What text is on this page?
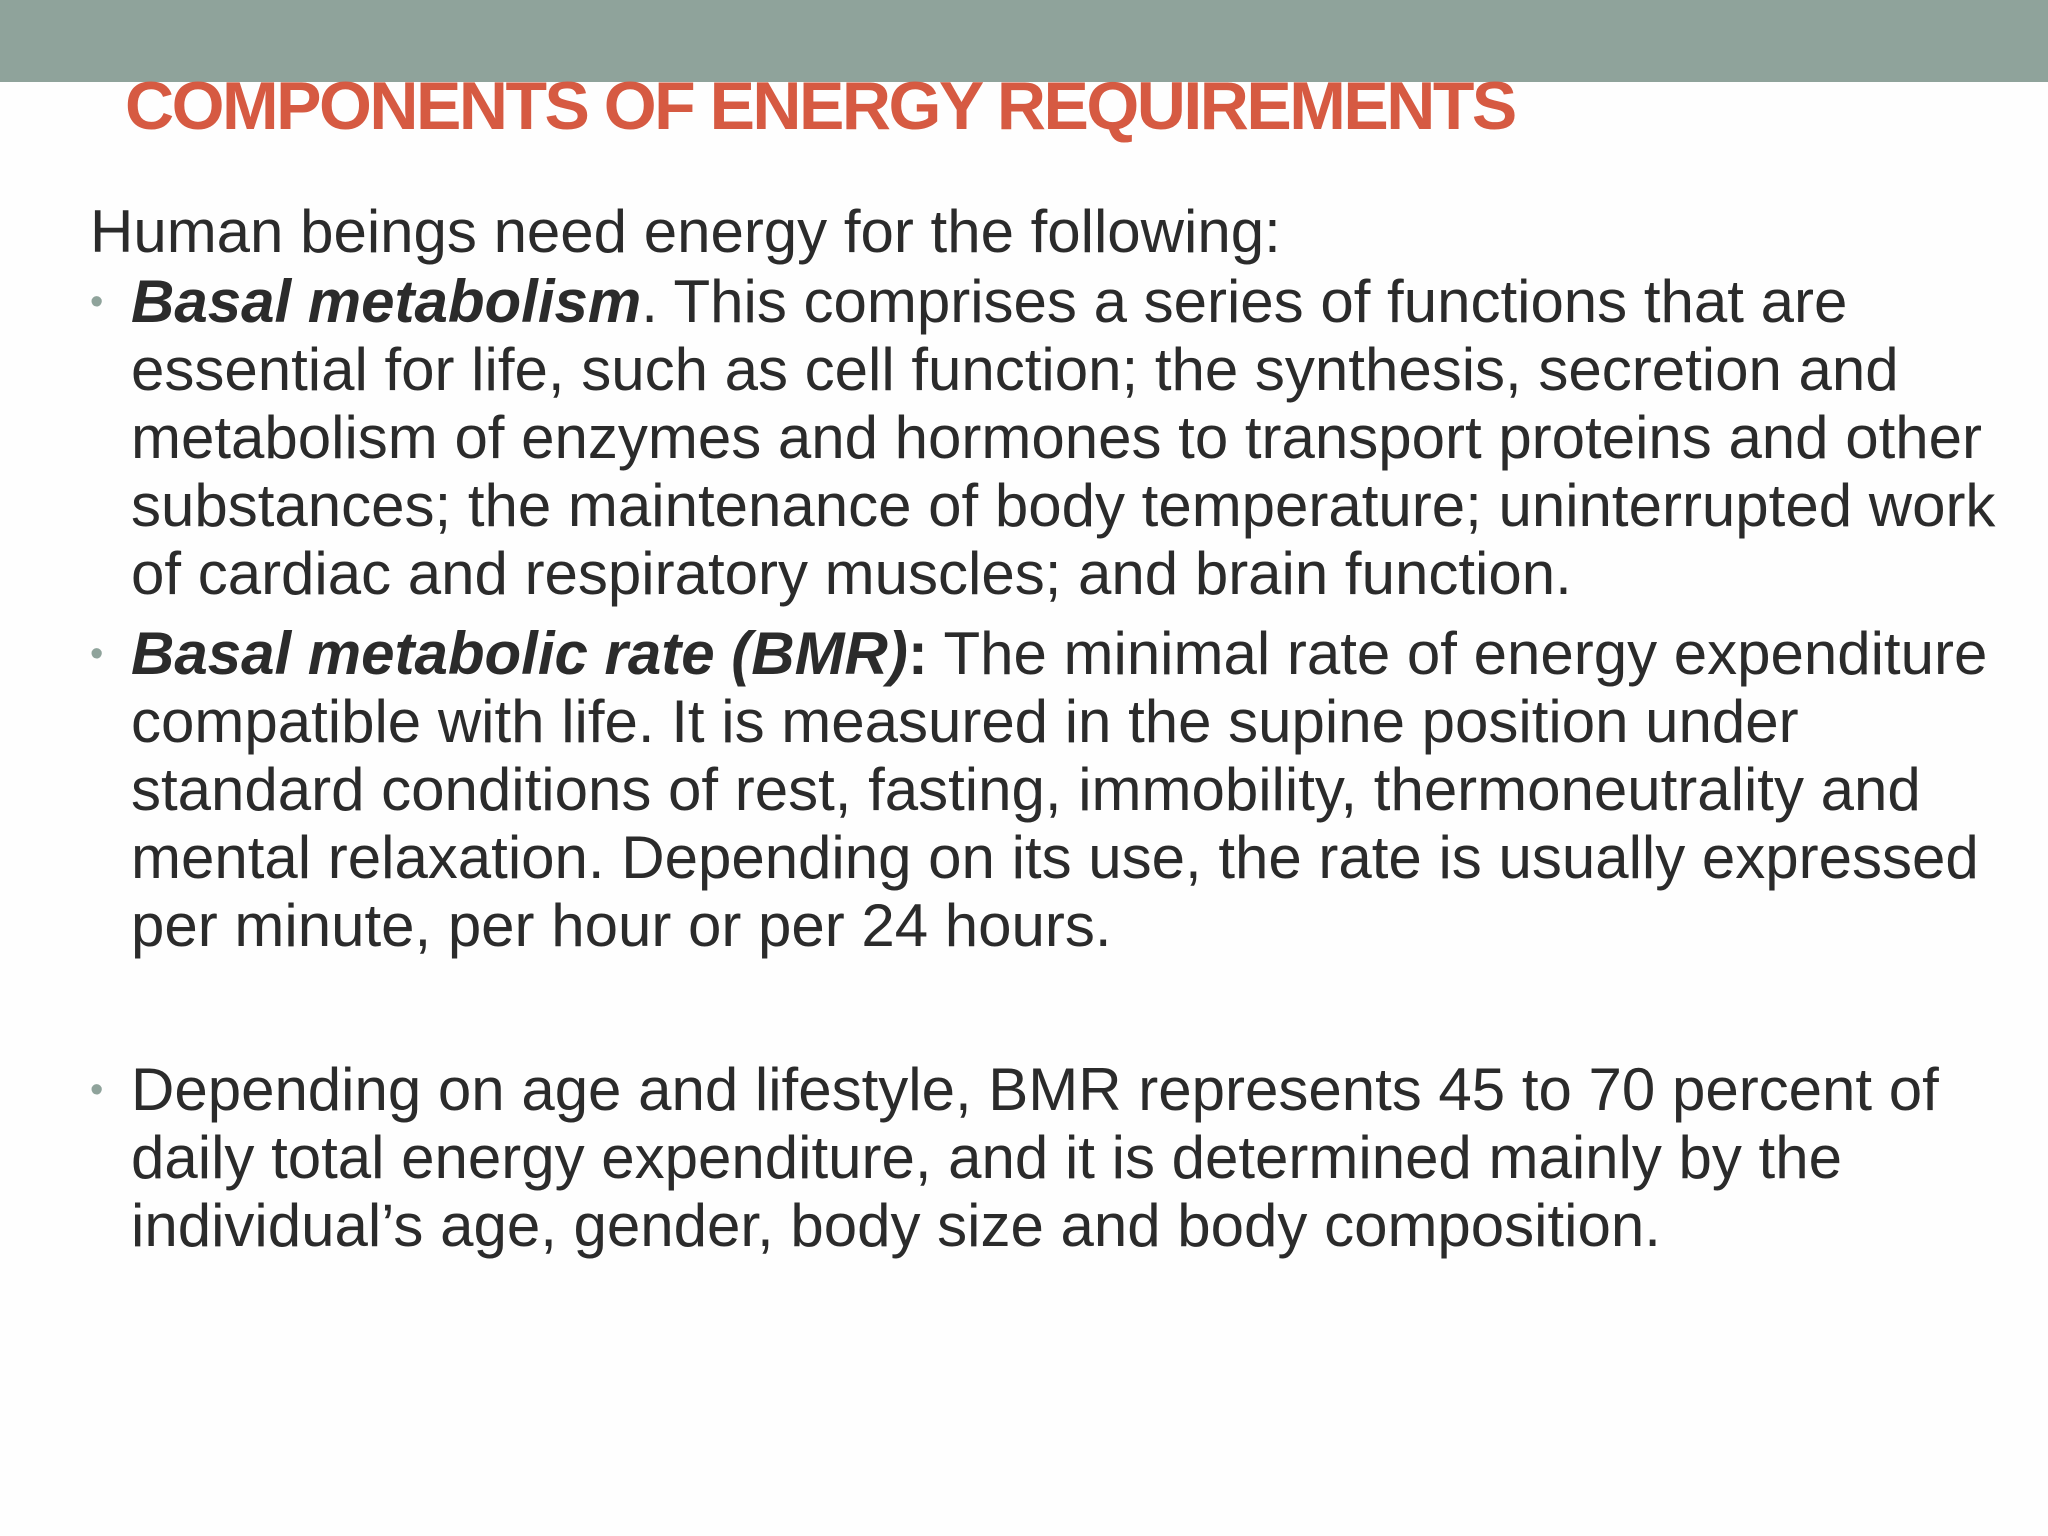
COMPONENTS OF ENERGY REQUIREMENTS

Human beings need energy for the following:

• Basal metabolism. This comprises a series of functions that are essential for life, such as cell function; the synthesis, secretion and metabolism of enzymes and hormones to transport proteins and other substances; the maintenance of body temperature; uninterrupted work of cardiac and respiratory muscles; and brain function.
• Basal metabolic rate (BMR): The minimal rate of energy expenditure compatible with life. It is measured in the supine position under standard conditions of rest, fasting, immobility, thermoneutrality and mental relaxation. Depending on its use, the rate is usually expressed per minute, per hour or per 24 hours.
• Depending on age and lifestyle, BMR represents 45 to 70 percent of daily total energy expenditure, and it is determined mainly by the individual’s age, gender, body size and body composition.
